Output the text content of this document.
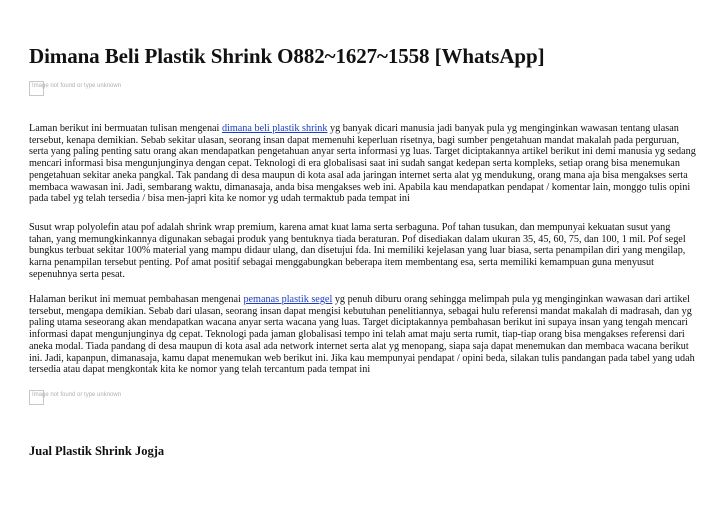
Dimana Beli Plastik Shrink O882~1627~1558 [WhatsApp]
Image not found or type unknown

Laman berikut ini bermuatan tulisan mengenai dimana beli plastik shrink yg banyak dicari manusia jadi banyak pula yg menginginkan wawasan tentang ulasan tersebut, kenapa demikian. Sebab sekitar ulasan, seorang insan dapat memenuhi keperluan risetnya, bagi sumber pengetahuan mandat makalah pada perguruan, serta yang paling penting satu orang akan mendapatkan pengetahuan anyar serta informasi yg luas. Target diciptakannya artikel berikut ini demi manusia yg sedang mencari informasi bisa mengunjunginya dengan cepat. Teknologi di era globalisasi saat ini sudah sangat kedepan serta kompleks, setiap orang bisa menemukan pengetahuan sekitar aneka pangkal. Tak pandang di desa maupun di kota asal ada jaringan internet serta alat yg mendukung, orang mana aja bisa mengakses serta membaca wawasan ini. Jadi, sembarang waktu, dimanasaja, anda bisa mengakses web ini. Apabila kau mendapatkan pendapat / komentar lain, monggo tulis opini pada tabel yg telah tersedia / bisa men-japri kita ke nomor yg udah termaktub pada tempat ini

Susut wrap polyolefin atau pof adalah shrink wrap premium, karena amat kuat lama serta serbaguna. Pof tahan tusukan, dan mempunyai kekuatan susut yang tahan, yang memungkinkannya digunakan sebagai produk yang bentuknya tiada beraturan. Pof disediakan dalam ukuran 35, 45, 60, 75, dan 100, 1 mil. Pof segel bungkus terbuat sekitar 100% material yang mampu didaur ulang, dan disetujui fda. Ini memiliki kejelasan yang luar biasa, serta penampilan diri yang mengilap, karna penampilan tersebut penting. Pof amat positif sebagai menggabungkan beberapa item membentang esa, serta memiliki kemampuan guna menyusut sepenuhnya serta pesat.

Halaman berikut ini memuat pembahasan mengenai pemanas plastik segel yg penuh diburu orang sehingga melimpah pula yg menginginkan wawasan dari artikel tersebut, mengapa demikian. Sebab dari ulasan, seorang insan dapat mengisi kebutuhan penelitiannya, sebagai hulu referensi mandat makalah di madrasah, dan yg paling utama seseorang akan mendapatkan wacana anyar serta wacana yang luas. Target diciptakannya pembahasan berikut ini supaya insan yang tengah mencari informasi dapat mengunjunginya dg cepat. Teknologi pada jaman globalisasi tempo ini telah amat maju serta rumit, tiap-tiap orang bisa mengakses referensi dari aneka modal. Tiada pandang di desa maupun di kota asal ada network internet serta alat yg menopang, siapa saja dapat menemukan dan membaca wacana berikut ini. Jadi, kapanpun, dimanasaja, kamu dapat menemukan web berikut ini. Jika kau mempunyai pendapat / opini beda, silakan tulis pandangan pada tabel yang udah tersedia atau dapat mengkontak kita ke nomor yang telah tercantum pada tempat ini

Image not found or type unknown
Jual Plastik Shrink Jogja
